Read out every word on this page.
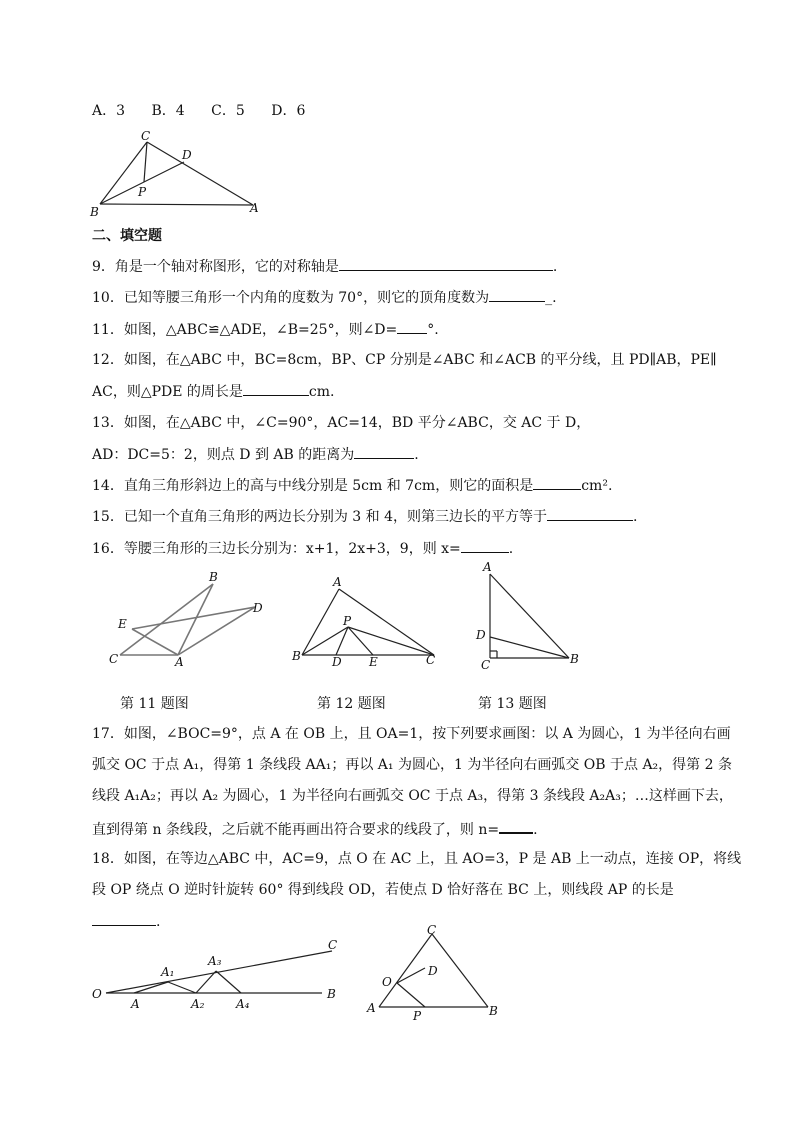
A．3 B．4 C．5 D．6
C
D
P
B	A
二、填空题
9．角是一个轴对称图形，它的对称轴是	.
10．已知等腰三角形一个内角的度数为 70°，则它的顶角度数为	_.
11．如图，△ABC≌△ADE，∠B=25°，则∠D= °.
12．如图，在△ABC 中，BC=8cm，BP、CP 分别是∠ABC 和∠ACB 的平分线，且 PD∥AB，PE∥
AC，则△PDE 的周长是	cm.
13．如图，在△ABC 中，∠C=90°，AC=14，BD 平分∠ABC，交 AC 于 D，
AD：DC=5：2，则点 D 到 AB 的距离为	.
14．直角三角形斜边上的高与中线分别是 5cm 和 7cm，则它的面积是	cm².
15．已知一个直角三角形的两边长分别为 3 和 4，则第三边长的平方等于	.
16．等腰三角形的三边长分别为：x+1，2x+3，9，则 x=	.
B
D
E
C	A
A
P
B	D E	C
A
D
C	B
第 11 题图	第 12 题图	第 13 题图
17．如图，∠BOC=9°，点 A 在 OB 上，且 OA=1，按下列要求画图：以 A 为圆心，1 为半径向右画
弧交 OC 于点 A₁，得第 1 条线段 AA₁；再以 A₁ 为圆心，1 为半径向右画弧交 OB 于点 A₂，得第 2 条
线段 A₁A₂；再以 A₂ 为圆心，1 为半径向右画弧交 OC 于点 A₃，得第 3 条线段 A₂A₃；…这样画下去，
直到得第 n 条线段，之后就不能再画出符合要求的线段了，则 n= .
18．如图，在等边△ABC 中，AC=9，点 O 在 AC 上，且 AO=3，P 是 AB 上一动点，连接 OP，将线
段 OP 绕点 O 逆时针旋转 60° 得到线段 OD，若使点 D 恰好落在 BC 上，则线段 AP 的长是
.
O
A
A₁
A₂
A₃
A₄
B
C
C
O
D
A
P	B
